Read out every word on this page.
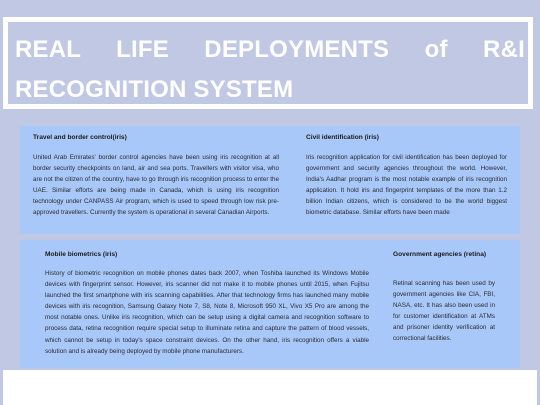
REAL LIFE DEPLOYMENTS of R&I RECOGNITION SYSTEM

Travel and border control(iris)

United Arab Emirates' border control agencies have been using iris recognition at all border security checkpoints on land, air and sea ports. Travellers with visitor visa, who are not the citizen of the country, have to go through iris recognition process to enter the UAE. Similar efforts are being made in Canada, which is using iris recognition technology under CANPASS Air program, which is used to speed through low risk pre-approved travellers. Currently the system is operational in several Canadian Airports.

Civil identification (iris)

Iris recognition application for civil identification has been deployed for government and security agencies throughout the world. However, India's Aadhar program is the most notable example of iris recognition application. It hold iris and fingerprint templates of the more than 1.2 billion Indian citizens, which is considered to be the world biggest biometric database. Similar efforts have been made

Mobile biometrics (iris)

History of biometric recognition on mobile phones dates back 2007, when Toshiba launched its Windows Mobile devices with fingerprint sensor. However, iris scanner did not make it to mobile phones until 2015, when Fujitsu launched the first smartphone with iris scanning capabilities. After that technology firms has launched many mobile devices with iris recognition, Samsung Galaxy Note 7, S8, Note 8, Microsoft 950 XL, Vivo X5 Pro are among the most notable ones. Unlike iris recognition, which can be setup using a digital camera and recognition software to process data, retina recognition require special setup to illuminate retina and capture the pattern of blood vessels, which cannot be setup in today's space constraint devices. On the other hand, iris recognition offers a viable solution and is already being deployed by mobile phone manufacturers.

Government agencies (retina)

Retinal scanning has been used by government agencies like CIA, FBI, NASA, etc. It has also been used in for customer identification at ATMs and prisoner identity verification at correctional facilities.
